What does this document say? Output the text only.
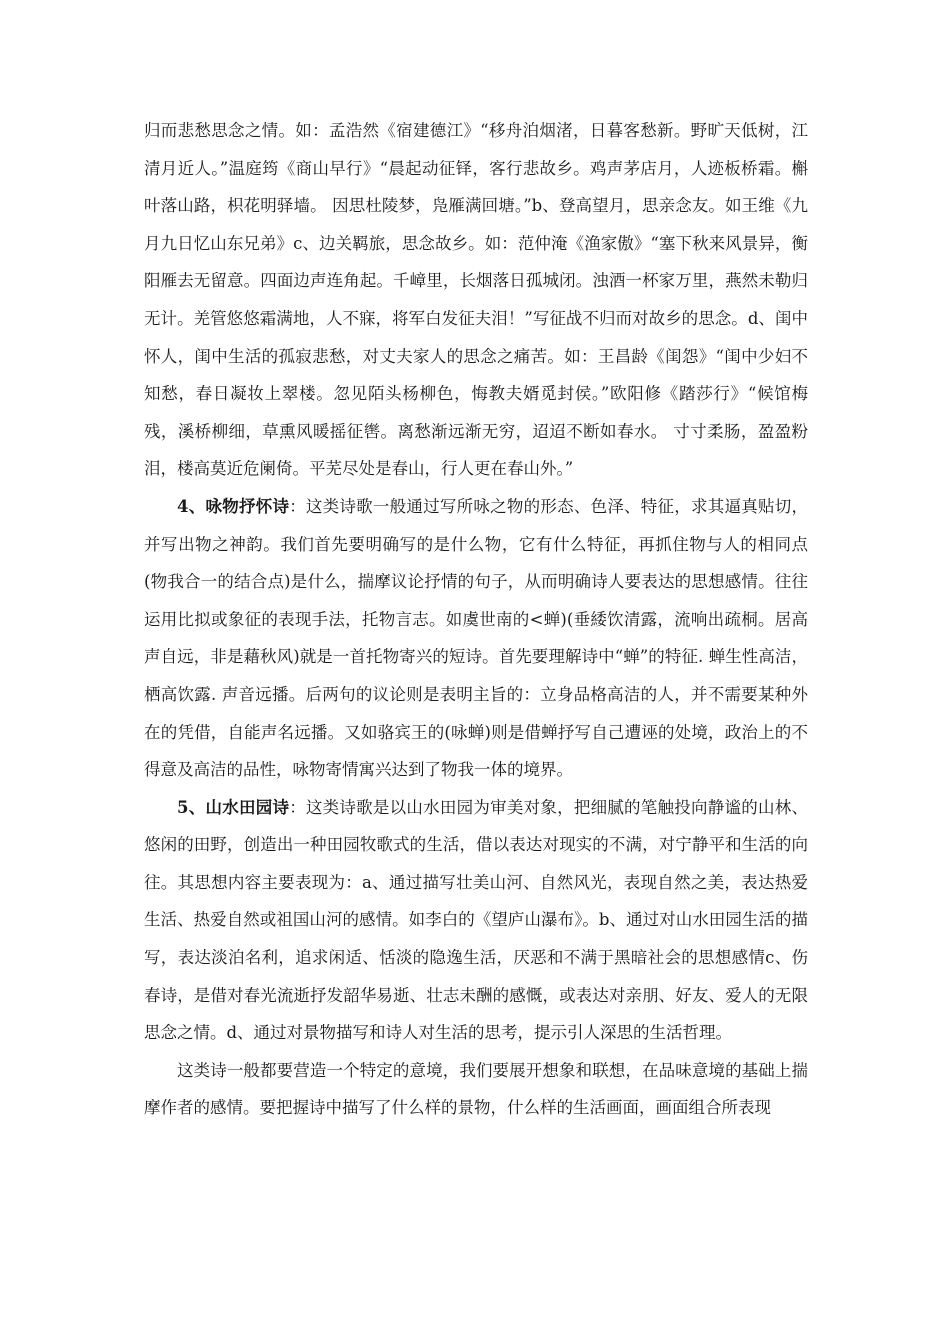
归而悲愁思念之情。如：孟浩然《宿建德江》“移舟泊烟渚，日暮客愁新。野旷天低树，江清月近人。”温庭筠《商山早行》“晨起动征铎，客行悲故乡。鸡声茅店月，人迹板桥霜。槲叶落山路，枳花明驿墙。 因思杜陵梦，凫雁满回塘。”b、登高望月，思亲念友。如王维《九月九日忆山东兄弟》c、边关羁旅，思念故乡。如：范仲淹《渔家傲》“塞下秋来风景异，衡阳雁去无留意。四面边声连角起。千嶂里，长烟落日孤城闭。浊酒一杯家万里，燕然未勒归无计。羌管悠悠霜满地，人不寐，将军白发征夫泪！”写征战不归而对故乡的思念。d、闺中怀人，闺中生活的孤寂悲愁，对丈夫家人的思念之痛苦。如：王昌龄《闺怨》“闺中少妇不知愁，春日凝妆上翠楼。忽见陌头杨柳色，悔教夫婿觅封侯。”欧阳修《踏莎行》“候馆梅残，溪桥柳细，草熏风暖摇征辔。离愁渐远渐无穷，迢迢不断如春水。 寸寸柔肠，盈盈粉泪，楼高莫近危阑倚。平芜尽处是春山，行人更在春山外。”

4、咏物抒怀诗：这类诗歌一般通过写所咏之物的形态、色泽、特征，求其逼真贴切，并写出物之神韵。我们首先要明确写的是什么物，它有什么特征，再抓住物与人的相同点(物我合一的结合点)是什么，揣摩议论抒情的句子，从而明确诗人要表达的思想感情。往往运用比拟或象征的表现手法，托物言志。如虞世南的<蝉)(垂緌饮清露，流响出疏桐。居高声自远，非是藉秋风)就是一首托物寄兴的短诗。首先要理解诗中“蝉”的特征. 蝉生性高洁，栖高饮露. 声音远播。后两句的议论则是表明主旨的：立身品格高洁的人，并不需要某种外在的凭借，自能声名远播。又如骆宾王的(咏蝉)则是借蝉抒写自己遭诬的处境，政治上的不得意及高洁的品性，咏物寄情寓兴达到了物我一体的境界。

5、山水田园诗：这类诗歌是以山水田园为审美对象，把细腻的笔触投向静谧的山林、悠闲的田野，创造出一种田园牧歌式的生活，借以表达对现实的不满，对宁静平和生活的向往。其思想内容主要表现为：a、通过描写壮美山河、自然风光，表现自然之美，表达热爱生活、热爱自然或祖国山河的感情。如李白的《望庐山瀑布》。b、通过对山水田园生活的描写，表达淡泊名利，追求闲适、恬淡的隐逸生活，厌恶和不满于黑暗社会的思想感情c、伤春诗，是借对春光流逝抒发韶华易逝、壮志未酬的感慨，或表达对亲朋、好友、爱人的无限思念之情。d、通过对景物描写和诗人对生活的思考，提示引人深思的生活哲理。

这类诗一般都要营造一个特定的意境，我们要展开想象和联想，在品味意境的基础上揣摩作者的感情。要把握诗中描写了什么样的景物，什么样的生活画面，画面组合所表现
